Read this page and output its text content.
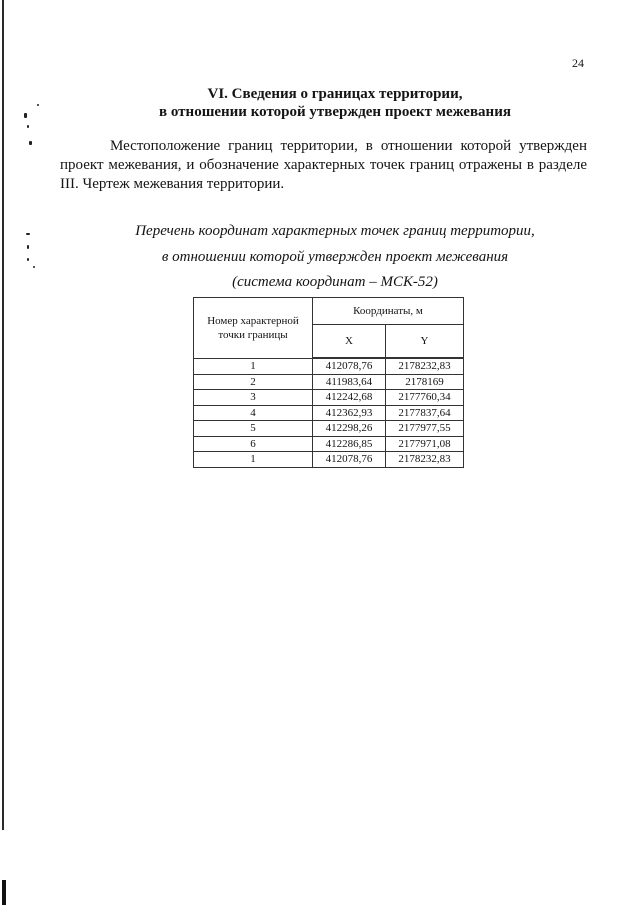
24
VI. Сведения о границах территории,
в отношении которой утвержден проект межевания
Местоположение границ территории, в отношении которой утвержден проект межевания, и обозначение характерных точек границ отражены в разделе III. Чертеж межевания территории.
Перечень координат характерных точек границ территории,
в отношении которой утвержден проект межевания
(система координат – МСК-52)
Номер характерной точки границы	Координаты, м	
	X	Y
1	412078,76	2178232,83
2	411983,64	2178169
3	412242,68	2177760,34
4	412362,93	2177837,64
5	412298,26	2177977,55
6	412286,85	2177971,08
1	412078,76	2178232,83
